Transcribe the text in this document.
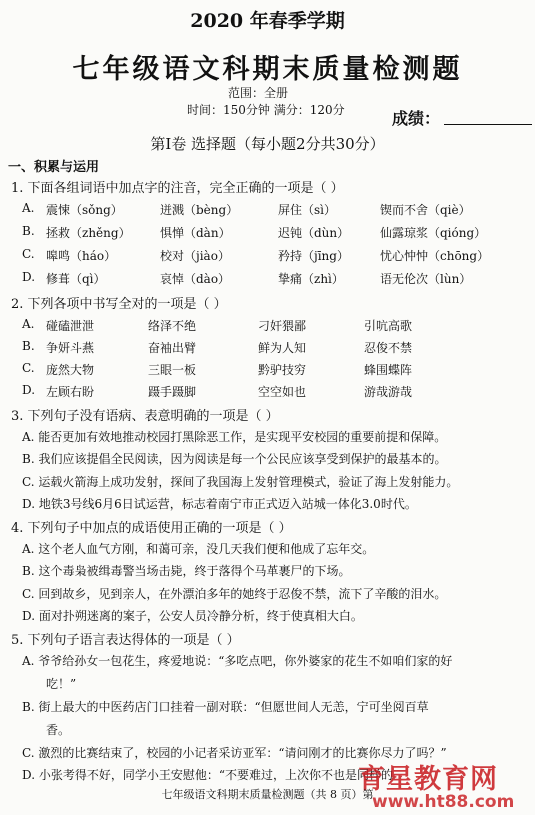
2020 年春季学期
七年级语文科期末质量检测题
范围：全册
时间：150分钟 满分：120分	成绩：
第Ⅰ卷 选择题（每小题2分共30分）
一、积累与运用
1. 下面各组词语中加点字的注音，完全正确的一项是（ ）
A. 震悚（sǒng）	迸溅（bèng）	屏住（sì）	锲而不舍（qiè）
B. 拯救（zhěng） 惧惮（dàn）	迟钝（dùn）	仙露琼浆（qióng）
C. 嗥鸣（háo）	校对（jiào）	矜持（jīng）	忧心忡忡（chōng）
D. 修葺（qì）	哀悼（dào）	挚痛（zhì）	语无伦次（lùn）
2. 下列各项中书写全对的一项是（ ）
A. 碰磕泄泄	络泽不绝	刁奸猥鄙	引吭高歌
B. 争妍斗燕	奋袖出臂	鲜为人知	忍俊不禁
C. 庞然大物	三眼一板	黔驴技穷	蜂围蝶阵
D. 左顾右盼	蹑手蹑脚	空空如也	游哉游哉
3. 下列句子没有语病、表意明确的一项是（ ）
A. 能否更加有效地推动校园打黑除恶工作，是实现平安校园的重要前提和保障。
B. 我们应该提倡全民阅读，因为阅读是每一个公民应该享受到保护的最基本的。
C. 运载火箭海上成功发射，探间了我国海上发射管理模式，验证了海上发射能力。
D. 地铁3号线6月6日试运营，标志着南宁市正式迈入站城一体化3.0时代。
4. 下列句子中加点的成语使用正确的一项是（ ）
A. 这个老人血气方刚，和蔼可亲，没几天我们便和他成了忘年交。
B. 这个毒枭被缉毒警当场击毙，终于落得个马革裹尸的下场。
C. 回到故乡，见到亲人，在外漂泊多年的她终于忍俊不禁，流下了辛酸的泪水。
D. 面对扑朔迷离的案子，公安人员冷静分析，终于使真相大白。
5. 下列句子语言表达得体的一项是（ ）
A. 爷爷给孙女一包花生，疼爱地说：“多吃点吧，你外婆家的花生不如咱们家的好
吃！”
B. 街上最大的中医药店门口挂着一副对联：“但愿世间人无恙，宁可坐阅百草
香。
C. 激烈的比赛结束了，校园的小记者采访亚军：“请问刚才的比赛你尽力了吗？”
D. 小张考得不好，同学小王安慰他：“不要难过，上次你不也是同样的
育星教育网
www.ht88.com
七年级语文科期末质量检测题（共 8 页）第
